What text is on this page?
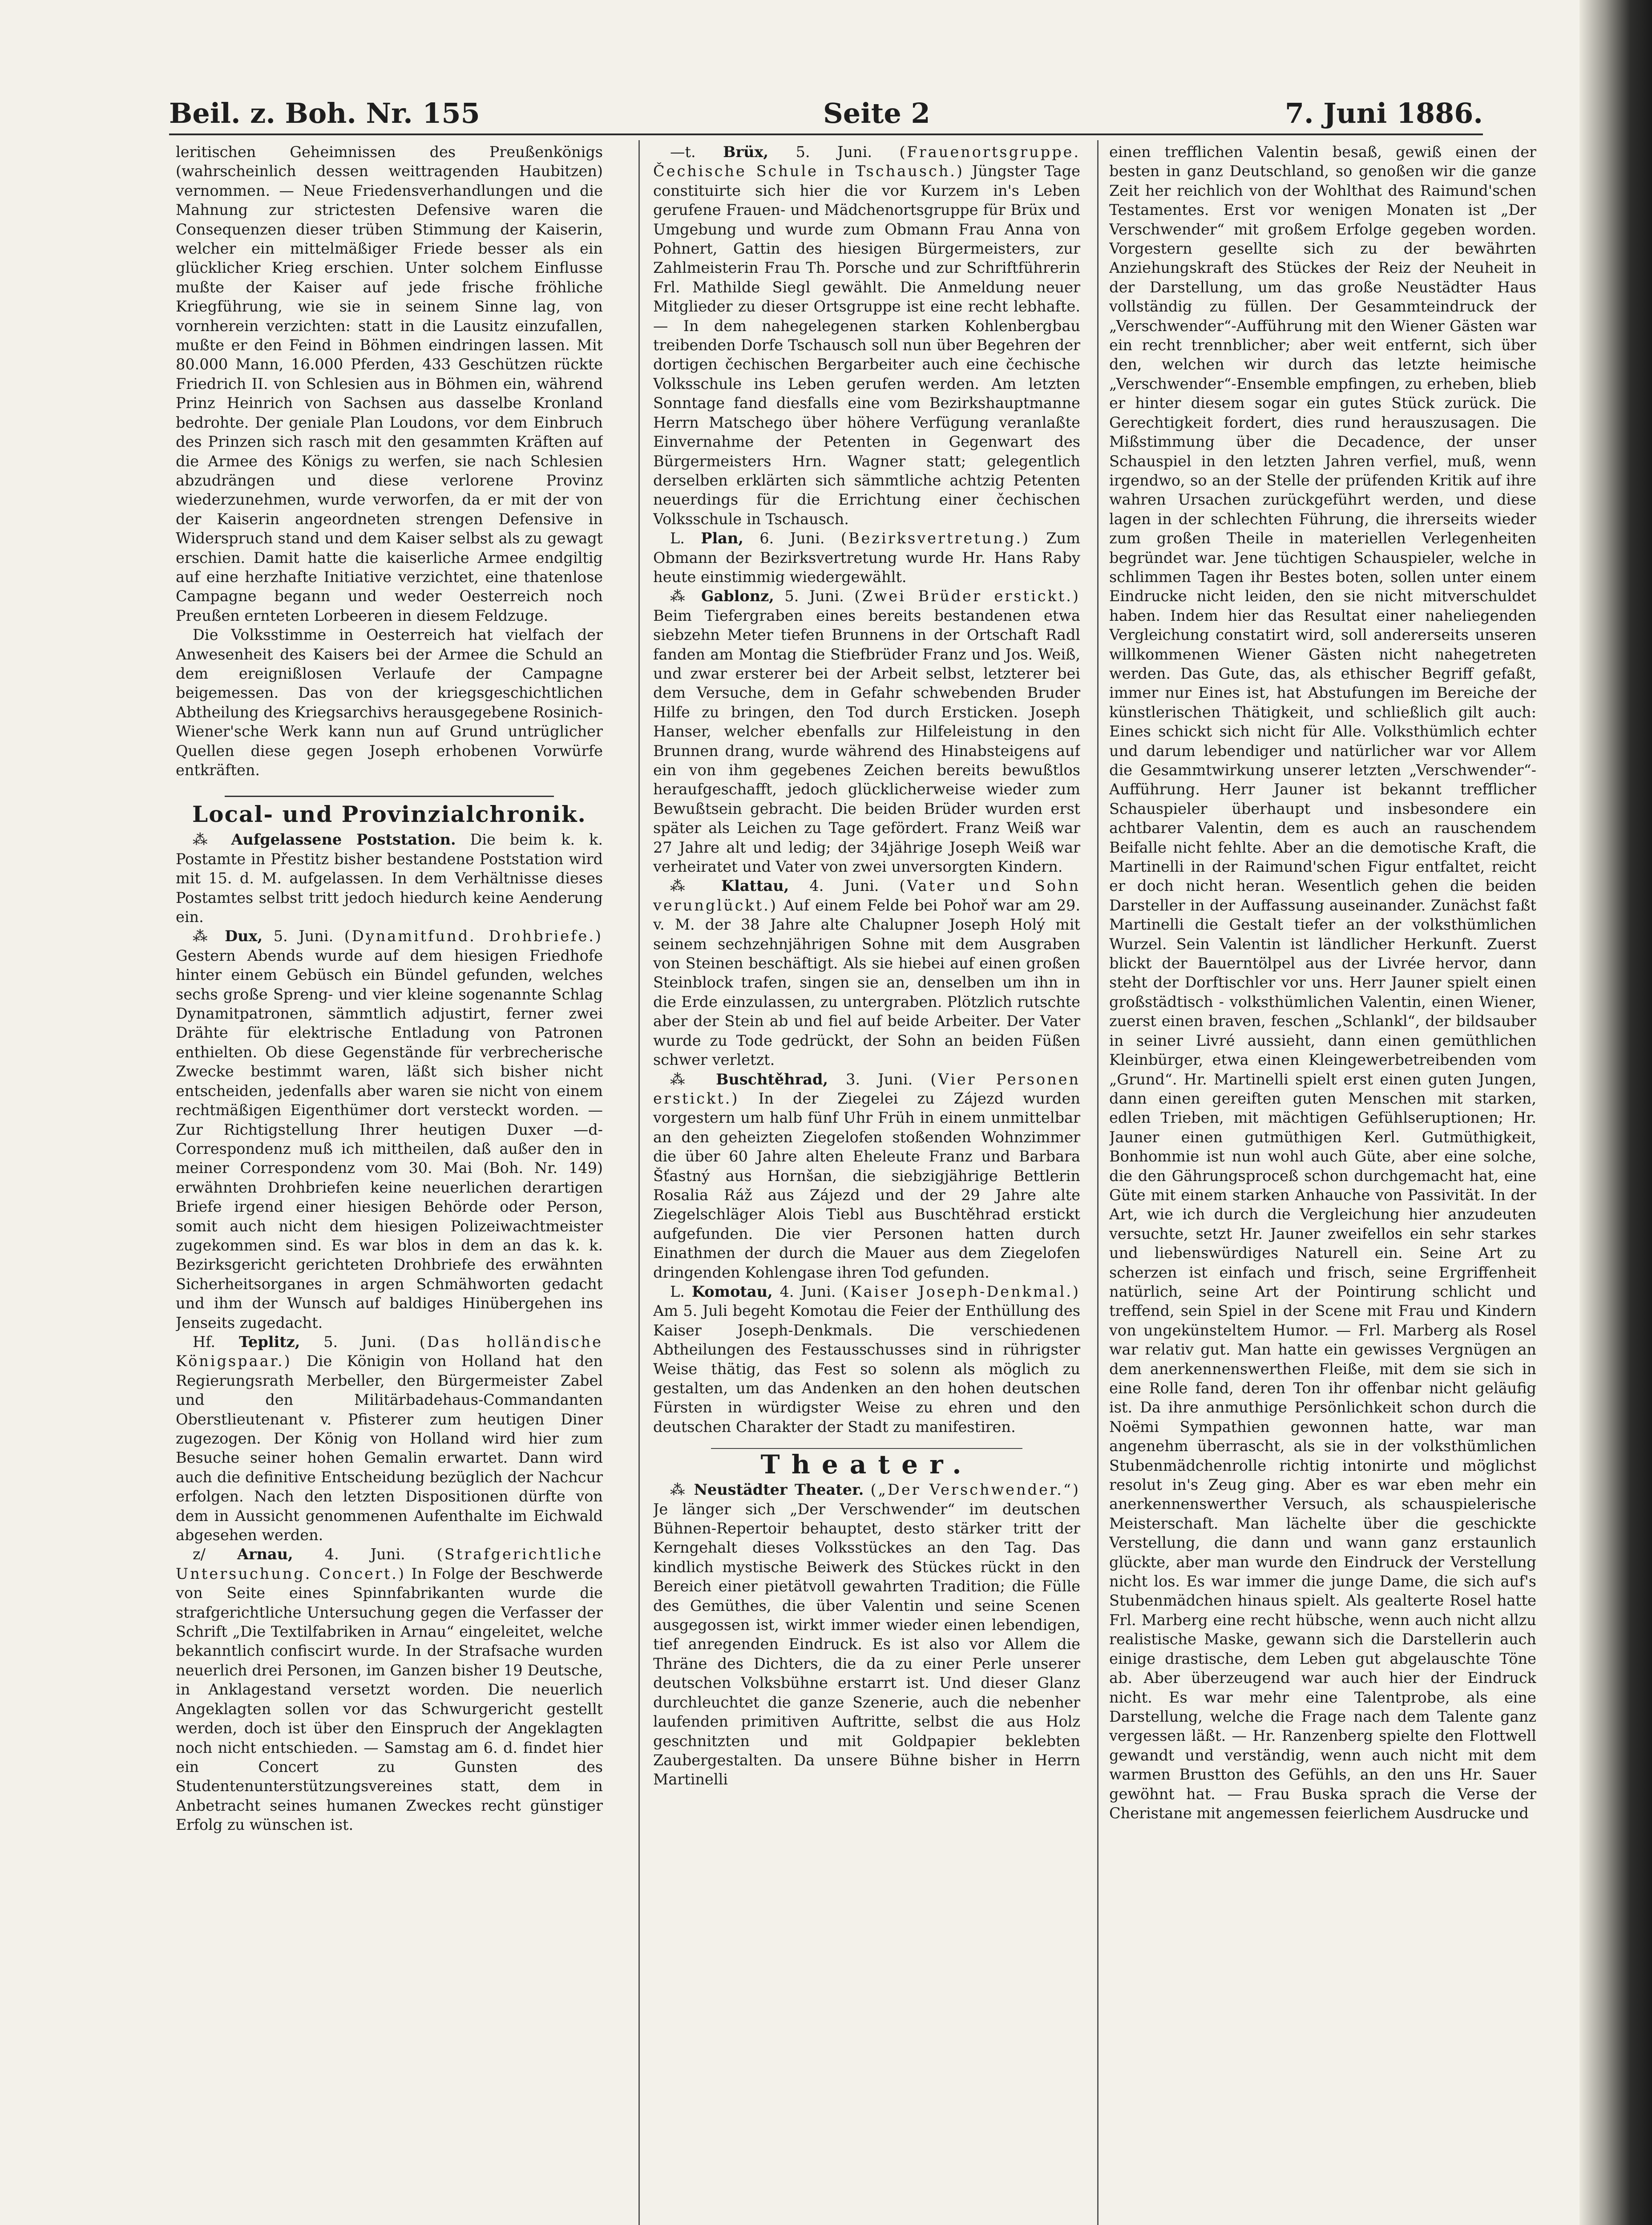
Beil. z. Boh. Nr. 155	Seite 2	7. Juni 1886.

leritischen Geheimnissen des Preußenkönigs (wahrscheinlich dessen weittragenden Haubitzen) vernommen. — Neue Friedensverhandlungen und die Mahnung zur strictesten Defensive waren die Consequenzen dieser trüben Stimmung der Kaiserin, welcher ein mittelmäßiger Friede besser als ein glücklicher Krieg erschien. Unter solchem Einflusse mußte der Kaiser auf jede frische fröhliche Kriegführung, wie sie in seinem Sinne lag, von vornherein verzichten: statt in die Lausitz einzufallen, mußte er den Feind in Böhmen eindringen lassen. Mit 80.000 Mann, 16.000 Pferden, 433 Geschützen rückte Friedrich II. von Schlesien aus in Böhmen ein, während Prinz Heinrich von Sachsen aus dasselbe Kronland bedrohte. Der geniale Plan Loudons, vor dem Einbruch des Prinzen sich rasch mit den gesammten Kräften auf die Armee des Königs zu werfen, sie nach Schlesien abzudrängen und diese verlorene Provinz wiederzunehmen, wurde verworfen, da er mit der von der Kaiserin angeordneten strengen Defensive in Widerspruch stand und dem Kaiser selbst als zu gewagt erschien. Damit hatte die kaiserliche Armee endgiltig auf eine herzhafte Initiative verzichtet, eine thatenlose Campagne begann und weder Oesterreich noch Preußen ernteten Lorbeeren in diesem Feldzuge.

Die Volksstimme in Oesterreich hat vielfach der Anwesenheit des Kaisers bei der Armee die Schuld an dem ereignißlosen Verlaufe der Campagne beigemessen. Das von der kriegsgeschichtlichen Abtheilung des Kriegsarchivs herausgegebene Rosinich-Wiener'sche Werk kann nun auf Grund untrüglicher Quellen diese gegen Joseph erhobenen Vorwürfe entkräften.

Local- und Provinzialchronik.

⁂ Aufgelassene Poststation. Die beim k. k. Postamte in Přestitz bisher bestandene Poststation wird mit 15. d. M. aufgelassen. In dem Verhältnisse dieses Postamtes selbst tritt jedoch hiedurch keine Aenderung ein.

⁂ Dux, 5. Juni. (Dynamitfund. Drohbriefe.) Gestern Abends wurde auf dem hiesigen Friedhofe hinter einem Gebüsch ein Bündel gefunden, welches sechs große Spreng- und vier kleine sogenannte Schlag Dynamitpatronen, sämmtlich adjustirt, ferner zwei Drähte für elektrische Entladung von Patronen enthielten. Ob diese Gegenstände für verbrecherische Zwecke bestimmt waren, läßt sich bisher nicht entscheiden, jedenfalls aber waren sie nicht von einem rechtmäßigen Eigenthümer dort versteckt worden. — Zur Richtigstellung Ihrer heutigen Duxer —d-Correspondenz muß ich mittheilen, daß außer den in meiner Correspondenz vom 30. Mai (Boh. Nr. 149) erwähnten Drohbriefen keine neuerlichen derartigen Briefe irgend einer hiesigen Behörde oder Person, somit auch nicht dem hiesigen Polizeiwachtmeister zugekommen sind. Es war blos in dem an das k. k. Bezirksgericht gerichteten Drohbriefe des erwähnten Sicherheitsorganes in argen Schmähworten gedacht und ihm der Wunsch auf baldiges Hinübergehen ins Jenseits zugedacht.

Hf. Teplitz, 5. Juni. (Das holländische Königspaar.) Die Königin von Holland hat den Regierungsrath Merbeller, den Bürgermeister Zabel und den Militärbadehaus-Commandanten Oberstlieutenant v. Pfisterer zum heutigen Diner zugezogen. Der König von Holland wird hier zum Besuche seiner hohen Gemalin erwartet. Dann wird auch die definitive Entscheidung bezüglich der Nachcur erfolgen. Nach den letzten Dispositionen dürfte von dem in Aussicht genommenen Aufenthalte im Eichwald abgesehen werden.

z/ Arnau, 4. Juni. (Strafgerichtliche Untersuchung. Concert.) In Folge der Beschwerde von Seite eines Spinnfabrikanten wurde die strafgerichtliche Untersuchung gegen die Verfasser der Schrift „Die Textilfabriken in Arnau“ eingeleitet, welche bekanntlich confiscirt wurde. In der Strafsache wurden neuerlich drei Personen, im Ganzen bisher 19 Deutsche, in Anklagestand versetzt worden. Die neuerlich Angeklagten sollen vor das Schwurgericht gestellt werden, doch ist über den Einspruch der Angeklagten noch nicht entschieden. — Samstag am 6. d. findet hier ein Concert zu Gunsten des Studentenunterstützungsvereines statt, dem in Anbetracht seines humanen Zweckes recht günstiger Erfolg zu wünschen ist.

—t. Brüx, 5. Juni. (Frauenortsgruppe. Čechische Schule in Tschausch.) Jüngster Tage constituirte sich hier die vor Kurzem in's Leben gerufene Frauen- und Mädchenortsgruppe für Brüx und Umgebung und wurde zum Obmann Frau Anna von Pohnert, Gattin des hiesigen Bürgermeisters, zur Zahlmeisterin Frau Th. Porsche und zur Schriftführerin Frl. Mathilde Siegl gewählt. Die Anmeldung neuer Mitglieder zu dieser Ortsgruppe ist eine recht lebhafte. — In dem nahegelegenen starken Kohlenbergbau treibenden Dorfe Tschausch soll nun über Begehren der dortigen čechischen Bergarbeiter auch eine čechische Volksschule ins Leben gerufen werden. Am letzten Sonntage fand diesfalls eine vom Bezirkshauptmanne Herrn Matschego über höhere Verfügung veranlaßte Einvernahme der Petenten in Gegenwart des Bürgermeisters Hrn. Wagner statt; gelegentlich derselben erklärten sich sämmtliche achtzig Petenten neuerdings für die Errichtung einer čechischen Volksschule in Tschausch.

L. Plan, 6. Juni. (Bezirksvertretung.) Zum Obmann der Bezirksvertretung wurde Hr. Hans Raby heute einstimmig wiedergewählt.

⁂ Gablonz, 5. Juni. (Zwei Brüder erstickt.) Beim Tiefergraben eines bereits bestandenen etwa siebzehn Meter tiefen Brunnens in der Ortschaft Radl fanden am Montag die Stiefbrüder Franz und Jos. Weiß, und zwar ersterer bei der Arbeit selbst, letzterer bei dem Versuche, dem in Gefahr schwebenden Bruder Hilfe zu bringen, den Tod durch Ersticken. Joseph Hanser, welcher ebenfalls zur Hilfeleistung in den Brunnen drang, wurde während des Hinabsteigens auf ein von ihm gegebenes Zeichen bereits bewußtlos heraufgeschafft, jedoch glücklicherweise wieder zum Bewußtsein gebracht. Die beiden Brüder wurden erst später als Leichen zu Tage gefördert. Franz Weiß war 27 Jahre alt und ledig; der 34jährige Joseph Weiß war verheiratet und Vater von zwei unversorgten Kindern.

⁂ Klattau, 4. Juni. (Vater und Sohn verunglückt.) Auf einem Felde bei Pohoř war am 29. v. M. der 38 Jahre alte Chalupner Joseph Holý mit seinem sechzehnjährigen Sohne mit dem Ausgraben von Steinen beschäftigt. Als sie hiebei auf einen großen Steinblock trafen, singen sie an, denselben um ihn in die Erde einzulassen, zu untergraben. Plötzlich rutschte aber der Stein ab und fiel auf beide Arbeiter. Der Vater wurde zu Tode gedrückt, der Sohn an beiden Füßen schwer verletzt.

⁂ Buschtěhrad, 3. Juni. (Vier Personen erstickt.) In der Ziegelei zu Zájezd wurden vorgestern um halb fünf Uhr Früh in einem unmittelbar an den geheizten Ziegelofen stoßenden Wohnzimmer die über 60 Jahre alten Eheleute Franz und Barbara Šťastný aus Hornšan, die siebzigjährige Bettlerin Rosalia Ráž aus Zájezd und der 29 Jahre alte Ziegelschläger Alois Tiebl aus Buschtěhrad erstickt aufgefunden. Die vier Personen hatten durch Einathmen der durch die Mauer aus dem Ziegelofen dringenden Kohlengase ihren Tod gefunden.

L. Komotau, 4. Juni. (Kaiser Joseph-Denkmal.) Am 5. Juli begeht Komotau die Feier der Enthüllung des Kaiser Joseph-Denkmals. Die verschiedenen Abtheilungen des Festausschusses sind in rührigster Weise thätig, das Fest so solenn als möglich zu gestalten, um das Andenken an den hohen deutschen Fürsten in würdigster Weise zu ehren und den deutschen Charakter der Stadt zu manifestiren.

Theater.

⁂ Neustädter Theater. („Der Verschwender.“) Je länger sich „Der Verschwender“ im deutschen Bühnen-Repertoir behauptet, desto stärker tritt der Kerngehalt dieses Volksstückes an den Tag. Das kindlich mystische Beiwerk des Stückes rückt in den Bereich einer pietätvoll gewahrten Tradition; die Fülle des Gemüthes, die über Valentin und seine Scenen ausgegossen ist, wirkt immer wieder einen lebendigen, tief anregenden Eindruck. Es ist also vor Allem die Thräne des Dichters, die da zu einer Perle unserer deutschen Volksbühne erstarrt ist. Und dieser Glanz durchleuchtet die ganze Szenerie, auch die nebenher laufenden primitiven Auftritte, selbst die aus Holz geschnitzten und mit Goldpapier beklebten Zaubergestalten. Da unsere Bühne bisher in Herrn Martinelli

einen trefflichen Valentin besaß, gewiß einen der besten in ganz Deutschland, so genoßen wir die ganze Zeit her reichlich von der Wohlthat des Raimund'schen Testamentes. Erst vor wenigen Monaten ist „Der Verschwender“ mit großem Erfolge gegeben worden. Vorgestern gesellte sich zu der bewährten Anziehungskraft des Stückes der Reiz der Neuheit in der Darstellung, um das große Neustädter Haus vollständig zu füllen. Der Gesammteindruck der „Verschwender“-Aufführung mit den Wiener Gästen war ein recht trennblicher; aber weit entfernt, sich über den, welchen wir durch das letzte heimische „Verschwender“-Ensemble empfingen, zu erheben, blieb er hinter diesem sogar ein gutes Stück zurück. Die Gerechtigkeit fordert, dies rund herauszusagen. Die Mißstimmung über die Decadence, der unser Schauspiel in den letzten Jahren verfiel, muß, wenn irgendwo, so an der Stelle der prüfenden Kritik auf ihre wahren Ursachen zurückgeführt werden, und diese lagen in der schlechten Führung, die ihrerseits wieder zum großen Theile in materiellen Verlegenheiten begründet war. Jene tüchtigen Schauspieler, welche in schlimmen Tagen ihr Bestes boten, sollen unter einem Eindrucke nicht leiden, den sie nicht mitverschuldet haben. Indem hier das Resultat einer naheliegenden Vergleichung constatirt wird, soll andererseits unseren willkommenen Wiener Gästen nicht nahegetreten werden. Das Gute, das, als ethischer Begriff gefaßt, immer nur Eines ist, hat Abstufungen im Bereiche der künstlerischen Thätigkeit, und schließlich gilt auch: Eines schickt sich nicht für Alle. Volksthümlich echter und darum lebendiger und natürlicher war vor Allem die Gesammtwirkung unserer letzten „Verschwender“-Aufführung. Herr Jauner ist bekannt trefflicher Schauspieler überhaupt und insbesondere ein achtbarer Valentin, dem es auch an rauschendem Beifalle nicht fehlte. Aber an die demotische Kraft, die Martinelli in der Raimund'schen Figur entfaltet, reicht er doch nicht heran. Wesentlich gehen die beiden Darsteller in der Auffassung auseinander. Zunächst faßt Martinelli die Gestalt tiefer an der volksthümlichen Wurzel. Sein Valentin ist ländlicher Herkunft. Zuerst blickt der Bauerntölpel aus der Livrée hervor, dann steht der Dorftischler vor uns. Herr Jauner spielt einen großstädtisch - volksthümlichen Valentin, einen Wiener, zuerst einen braven, feschen „Schlankl“, der bildsauber in seiner Livré aussieht, dann einen gemüthlichen Kleinbürger, etwa einen Kleingewerbetreibenden vom „Grund“. Hr. Martinelli spielt erst einen guten Jungen, dann einen gereiften guten Menschen mit starken, edlen Trieben, mit mächtigen Gefühlseruptionen; Hr. Jauner einen gutmüthigen Kerl. Gutmüthigkeit, Bonhommie ist nun wohl auch Güte, aber eine solche, die den Gährungsproceß schon durchgemacht hat, eine Güte mit einem starken Anhauche von Passivität. In der Art, wie ich durch die Vergleichung hier anzudeuten versuchte, setzt Hr. Jauner zweifellos ein sehr starkes und liebenswürdiges Naturell ein. Seine Art zu scherzen ist einfach und frisch, seine Ergriffenheit natürlich, seine Art der Pointirung schlicht und treffend, sein Spiel in der Scene mit Frau und Kindern von ungekünsteltem Humor. — Frl. Marberg als Rosel war relativ gut. Man hatte ein gewisses Vergnügen an dem anerkennenswerthen Fleiße, mit dem sie sich in eine Rolle fand, deren Ton ihr offenbar nicht geläufig ist. Da ihre anmuthige Persönlichkeit schon durch die Noëmi Sympathien gewonnen hatte, war man angenehm überrascht, als sie in der volksthümlichen Stubenmädchenrolle richtig intonirte und möglichst resolut in's Zeug ging. Aber es war eben mehr ein anerkennenswerther Versuch, als schauspielerische Meisterschaft. Man lächelte über die geschickte Verstellung, die dann und wann ganz erstaunlich glückte, aber man wurde den Eindruck der Verstellung nicht los. Es war immer die junge Dame, die sich auf's Stubenmädchen hinaus spielt. Als gealterte Rosel hatte Frl. Marberg eine recht hübsche, wenn auch nicht allzu realistische Maske, gewann sich die Darstellerin auch einige drastische, dem Leben gut abgelauschte Töne ab. Aber überzeugend war auch hier der Eindruck nicht. Es war mehr eine Talentprobe, als eine Darstellung, welche die Frage nach dem Talente ganz vergessen läßt. — Hr. Ranzenberg spielte den Flottwell gewandt und verständig, wenn auch nicht mit dem warmen Brustton des Gefühls, an den uns Hr. Sauer gewöhnt hat. — Frau Buska sprach die Verse der Cheristane mit angemessen feierlichem Ausdrucke und
